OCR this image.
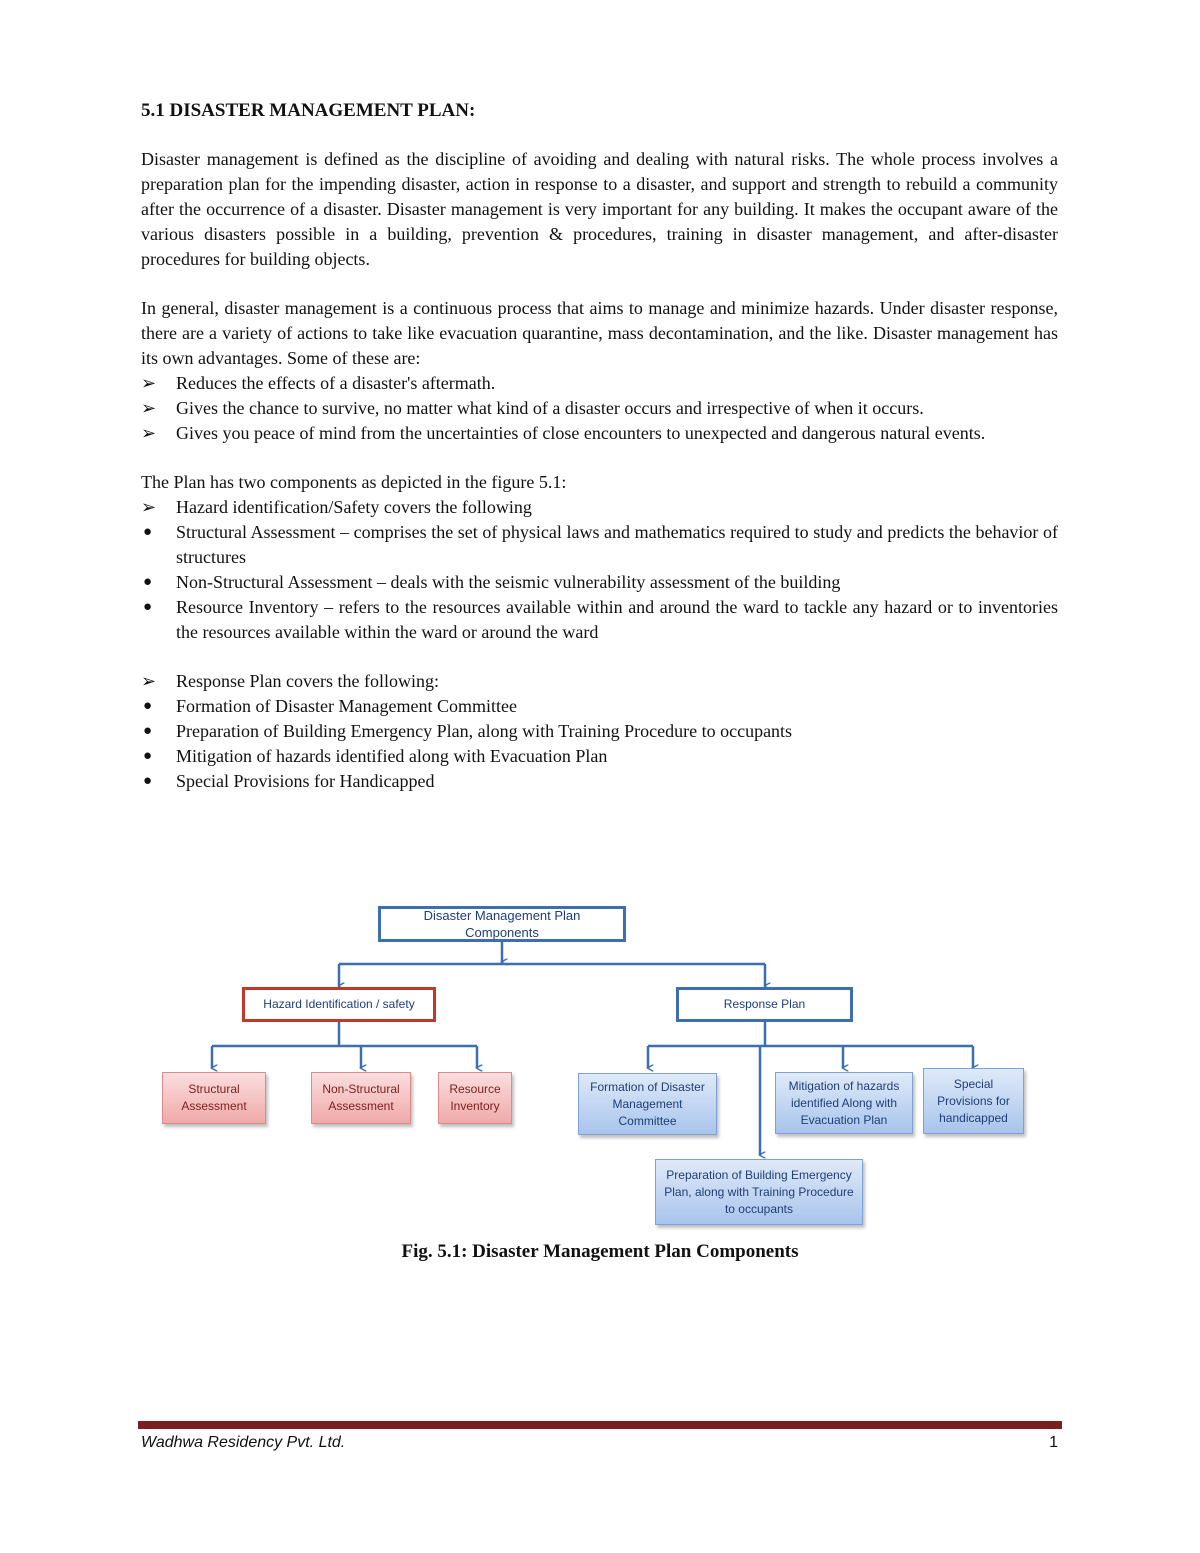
5.1 DISASTER MANAGEMENT PLAN:

Disaster management is defined as the discipline of avoiding and dealing with natural risks. The whole process involves a preparation plan for the impending disaster, action in response to a disaster, and support and strength to rebuild a community after the occurrence of a disaster. Disaster management is very important for any building. It makes the occupant aware of the various disasters possible in a building, prevention & procedures, training in disaster management, and after-disaster procedures for building objects.

In general, disaster management is a continuous process that aims to manage and minimize hazards. Under disaster response, there are a variety of actions to take like evacuation quarantine, mass decontamination, and the like. Disaster management has its own advantages. Some of these are:

➢	Reduces the effects of a disaster's aftermath.
➢	Gives the chance to survive, no matter what kind of a disaster occurs and irrespective of when it occurs.
➢	Gives you peace of mind from the uncertainties of close encounters to unexpected and dangerous natural events.

The Plan has two components as depicted in the figure 5.1:

➢	Hazard identification/Safety covers the following
●	Structural Assessment – comprises the set of physical laws and mathematics required to study and predicts the behavior of structures
●	Non-Structural Assessment – deals with the seismic vulnerability assessment of the building
●	Resource Inventory – refers to the resources available within and around the ward to tackle any hazard or to inventories the resources available within the ward or around the ward
➢	Response Plan covers the following:
●	Formation of Disaster Management Committee
●	Preparation of Building Emergency Plan, along with Training Procedure to occupants
●	Mitigation of hazards identified along with Evacuation Plan
●	Special Provisions for Handicapped
Disaster Management Plan Components
Hazard Identification / safety	Response Plan
Structural Assessment
Non-Structural Assessment
Resource Inventory
Formation of Disaster Management Committee
Mitigation of hazards identified Along with Evacuation Plan
Special Provisions for handicapped
Preparation of Building Emergency Plan, along with Training Procedure to occupants
Fig. 5.1: Disaster Management Plan Components
Wadhwa Residency Pvt. Ltd.	1
